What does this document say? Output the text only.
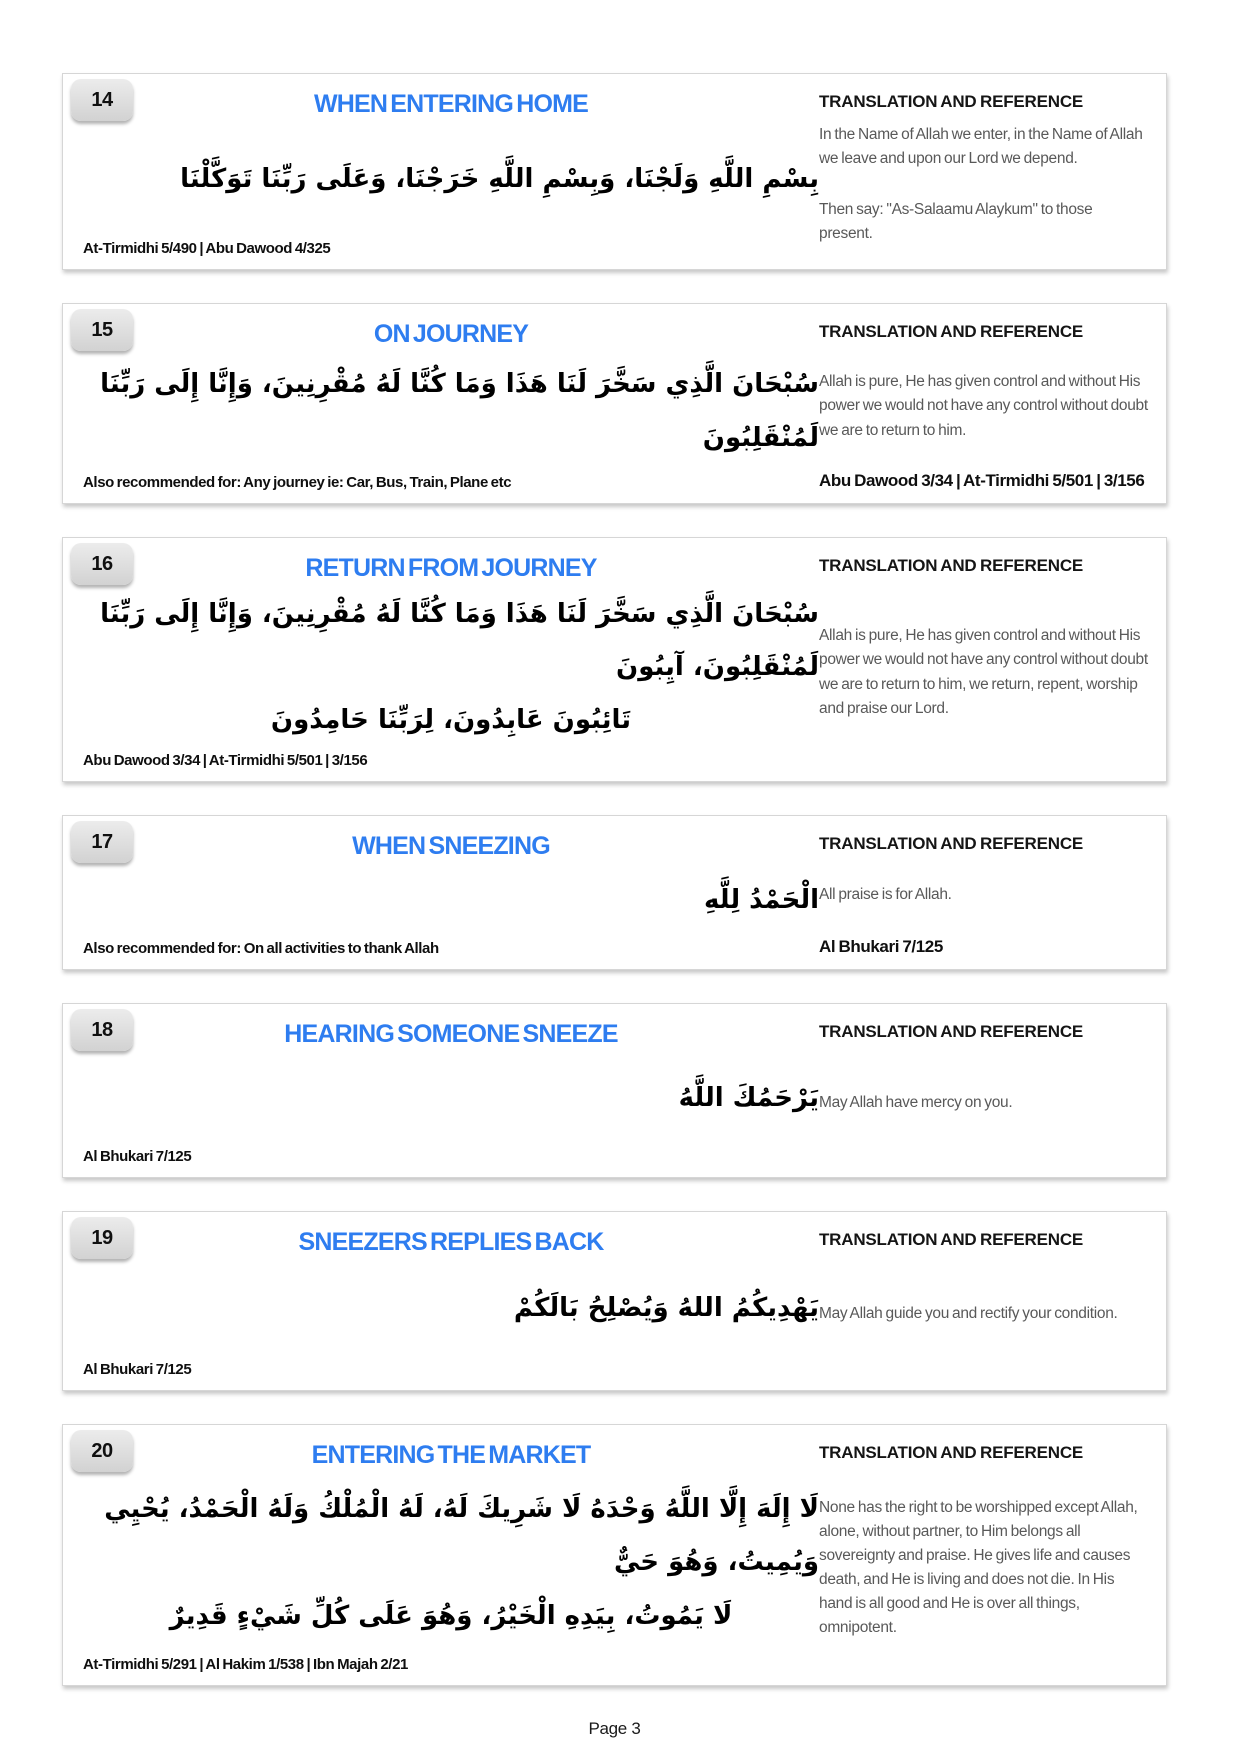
14	WHEN ENTERING HOME
بِسْمِ اللَّهِ وَلَجْنَا، وَبِسْمِ اللَّهِ خَرَجْنَا، وَعَلَى رَبِّنَا تَوَكَّلْنَا
At-Tirmidhi 5/490 | Abu Dawood 4/325
TRANSLATION AND REFERENCE

In the Name of Allah we enter, in the Name of Allah we leave and upon our Lord we depend.

Then say: "As-Salaamu Alaykum" to those present.

15	ON JOURNEY
سُبْحَانَ الَّذِي سَخَّرَ لَنَا هَذَا وَمَا كُنَّا لَهُ مُقْرِنِينَ، وَإِنَّا إِلَى رَبِّنَا لَمُنْقَلِبُونَ
Also recommended for: Any journey ie: Car, Bus, Train, Plane etc
TRANSLATION AND REFERENCE

Allah is pure, He has given control and without His power we would not have any control without doubt we are to return to him.

Abu Dawood 3/34 | At-Tirmidhi 5/501 | 3/156
16	RETURN FROM JOURNEY
سُبْحَانَ الَّذِي سَخَّرَ لَنَا هَذَا وَمَا كُنَّا لَهُ مُقْرِنِينَ، وَإِنَّا إِلَى رَبِّنَا لَمُنْقَلِبُونَ، آيِبُونَ
تَائِبُونَ عَابِدُونَ، لِرَبِّنَا حَامِدُونَ
Abu Dawood 3/34 | At-Tirmidhi 5/501 | 3/156
TRANSLATION AND REFERENCE

Allah is pure, He has given control and without His power we would not have any control without doubt we are to return to him, we return, repent, worship and praise our Lord.

17	WHEN SNEEZING
الْحَمْدُ لِلَّهِ
Also recommended for: On all activities to thank Allah
TRANSLATION AND REFERENCE

All praise is for Allah.

Al Bhukari 7/125
18	HEARING SOMEONE SNEEZE
يَرْحَمُكَ اللَّهُ
Al Bhukari 7/125
TRANSLATION AND REFERENCE

May Allah have mercy on you.

19	SNEEZERS REPLIES BACK
يَهْدِيكُمُ اللهُ وَيُصْلِحُ بَالَكُمْ
Al Bhukari 7/125
TRANSLATION AND REFERENCE

May Allah guide you and rectify your condition.

20	ENTERING THE MARKET
لَا إِلَهَ إِلَّا اللَّهُ وَحْدَهُ لَا شَرِيكَ لَهُ، لَهُ الْمُلْكُ وَلَهُ الْحَمْدُ، يُحْيِي وَيُمِيتُ، وَهُوَ حَيٌّ
لَا يَمُوتُ، بِيَدِهِ الْخَيْرُ، وَهُوَ عَلَى كُلِّ شَيْءٍ قَدِيرٌ
At-Tirmidhi 5/291 | Al Hakim 1/538 | Ibn Majah 2/21
TRANSLATION AND REFERENCE

None has the right to be worshipped except Allah, alone, without partner, to Him belongs all sovereignty and praise. He gives life and causes death, and He is living and does not die. In His hand is all good and He is over all things, omnipotent.

Page 3
